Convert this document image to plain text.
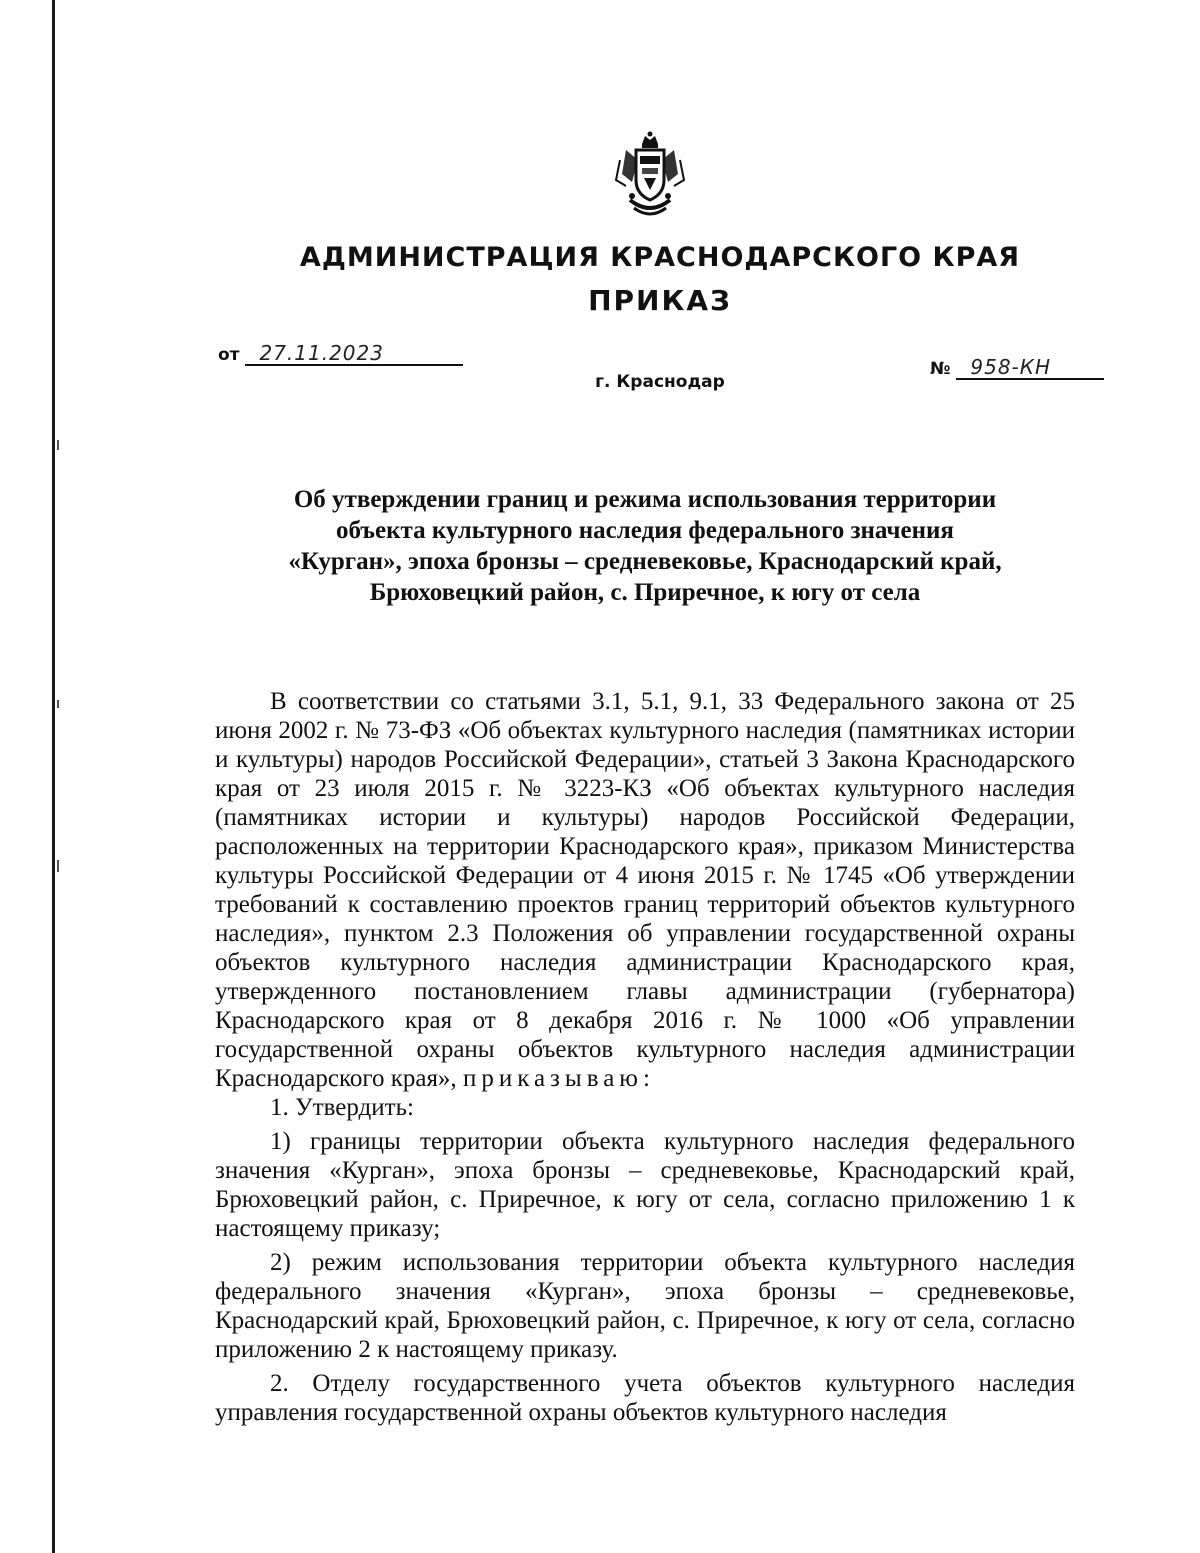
АДМИНИСТРАЦИЯ КРАСНОДАРСКОГО КРАЯ
ПРИКАЗ
от 27.11.2023
№ 958-КН
г. Краснодар
Об утверждении границ и режима использования территории
объекта культурного наследия федерального значения
«Курган», эпоха бронзы – средневековье, Краснодарский край,
Брюховецкий район, с. Приречное, к югу от села

В соответствии со статьями 3.1, 5.1, 9.1, 33 Федерального закона от 25 июня 2002 г. № 73-ФЗ «Об объектах культурного наследия (памятниках истории и культуры) народов Российской Федерации», статьей 3 Закона Краснодарского края от 23 июля 2015 г. № 3223-КЗ «Об объектах культурного наследия (памятниках истории и культуры) народов Российской Федерации, расположенных на территории Краснодарского края», приказом Министерства культуры Российской Федерации от 4 июня 2015 г. № 1745 «Об утверждении требований к составлению проектов границ территорий объектов культурного наследия», пунктом 2.3 Положения об управлении государственной охраны объектов культурного наследия администрации Краснодарского края, утвержденного постановлением главы администрации (губернатора) Краснодарского края от 8 декабря 2016 г. № 1000 «Об управлении государственной охраны объектов культурного наследия администрации Краснодарского края», приказываю:

1. Утвердить:

1) границы территории объекта культурного наследия федерального значения «Курган», эпоха бронзы – средневековье, Краснодарский край, Брюховецкий район, с. Приречное, к югу от села, согласно приложению 1 к настоящему приказу;

2) режим использования территории объекта культурного наследия федерального значения «Курган», эпоха бронзы – средневековье, Краснодарский край, Брюховецкий район, с. Приречное, к югу от села, согласно приложению 2 к настоящему приказу.

2. Отделу государственного учета объектов культурного наследия управления государственной охраны объектов культурного наследия
